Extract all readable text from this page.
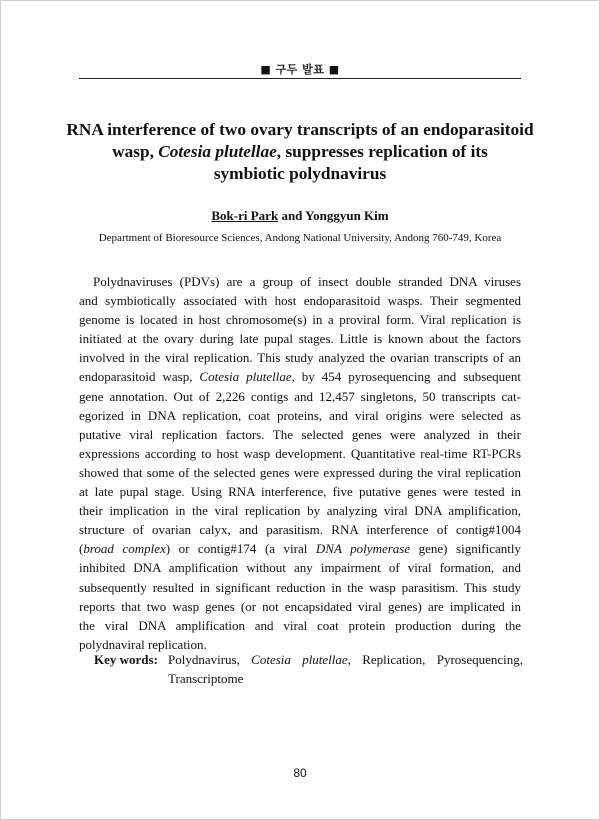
■ 구두 발표 ■
RNA interference of two ovary transcripts of an endoparasitoid
wasp, Cotesia plutellae, suppresses replication of its
symbiotic polydnavirus
Bok-ri Park and Yonggyun Kim
Department of Bioresource Sciences, Andong National University, Andong 760-749, Korea
Polydnaviruses (PDVs) are a group of insect double stranded DNA viruses
and symbiotically associated with host endoparasitoid wasps. Their segmented
genome is located in host chromosome(s) in a proviral form. Viral replication is
initiated at the ovary during late pupal stages. Little is known about the factors
involved in the viral replication. This study analyzed the ovarian transcripts of an
endoparasitoid wasp, Cotesia plutellae, by 454 pyrosequencing and subsequent
gene annotation. Out of 2,226 contigs and 12,457 singletons, 50 transcripts cat-
egorized in DNA replication, coat proteins, and viral origins were selected as
putative viral replication factors. The selected genes were analyzed in their
expressions according to host wasp development. Quantitative real-time RT-PCRs
showed that some of the selected genes were expressed during the viral replication
at late pupal stage. Using RNA interference, five putative genes were tested in
their implication in the viral replication by analyzing viral DNA amplification,
structure of ovarian calyx, and parasitism. RNA interference of contig#1004
(broad complex) or contig#174 (a viral DNA polymerase gene) significantly
inhibited DNA amplification without any impairment of viral formation, and
subsequently resulted in significant reduction in the wasp parasitism. This study
reports that two wasp genes (or not encapsidated viral genes) are implicated in
the viral DNA amplification and viral coat protein production during the
polydnaviral replication.
Key words: Polydnavirus, Cotesia plutellae, Replication, Pyrosequencing,
Transcriptome
80
